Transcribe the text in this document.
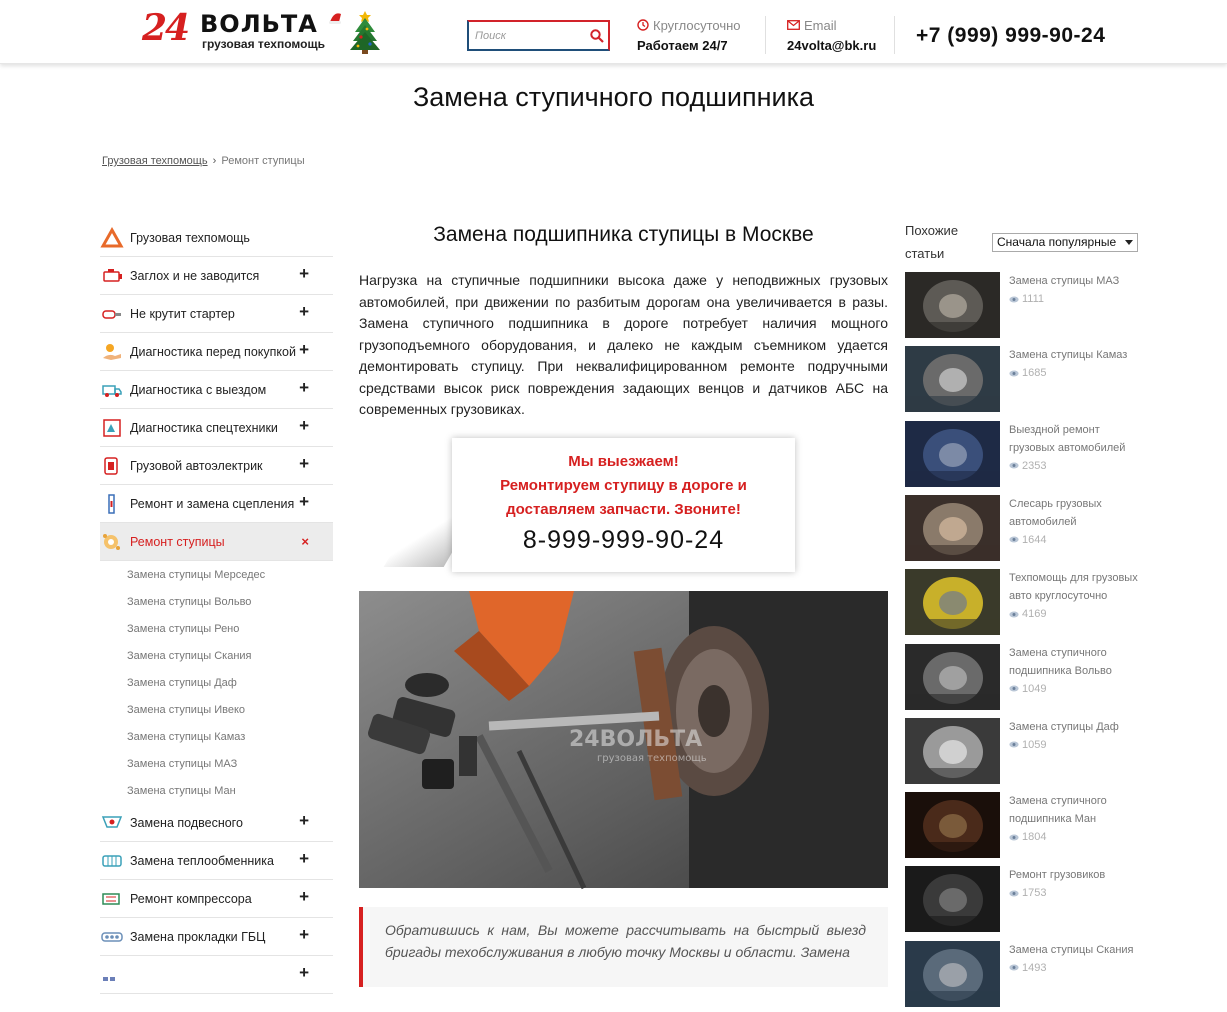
24 ВОЛЬТА
грузовая техпомощь
Поиск
Круглосуточно
Работаем 24/7
Email
24volta@bk.ru +7 (999) 999-90-24
Замена ступичного подшипника
Грузовая техпомощь › Ремонт ступицы
Грузовая техпомощь
Заглох и не заводится +
Не крутит стартер	+
Диагностика перед покупкой +
Диагностика с выездом +
Диагностика спецтехники +
Грузовой автоэлектрик +
Ремонт и замена сцепления +
Ремонт ступицы	×
Замена ступицы Мерседес
Замена ступицы Вольво
Замена ступицы Рено
Замена ступицы Скания
Замена ступицы Даф
Замена ступицы Ивеко
Замена ступицы Камаз
Замена ступицы МАЗ
Замена ступицы Ман
Замена подвесного	+
Замена теплообменника +
Ремонт компрессора	+
Замена прокладки ГБЦ +
+
Замена подшипника ступицы в Москве

Нагрузка на ступичные подшипники высока даже у неподвижных грузовых автомобилей, при движении по разбитым дорогам она увеличивается в разы. Замена ступичного подшипника в дороге потребует наличия мощного грузоподъемного оборудования, и далеко не каждым съемником удается демонтировать ступицу. При неквалифицированном ремонте подручными средствами высок риск повреждения задающих венцов и датчиков АБС на современных грузовиках.

Мы выезжаем!
Ремонтируем ступицу в дороге и
доставляем запчасти. Звоните!
8-999-999-90-24
24ВОЛЬТА
грузовая техпомощь

Обратившись к нам, Вы можете рассчитывать на быстрый выезд бригады техобслуживания в любую точку Москвы и области. Замена

Похожие статьи
Сначала популярные
Замена ступицы МАЗ
1111
Замена ступицы Камаз
1685
Выездной ремонт грузовых автомобилей
2353
Слесарь грузовых автомобилей
1644
Техпомощь для грузовых авто круглосуточно
4169
Замена ступичного подшипника Вольво
1049
Замена ступицы Даф
1059
Замена ступичного подшипника Ман
1804
Ремонт грузовиков
1753
Замена ступицы Скания
1493
